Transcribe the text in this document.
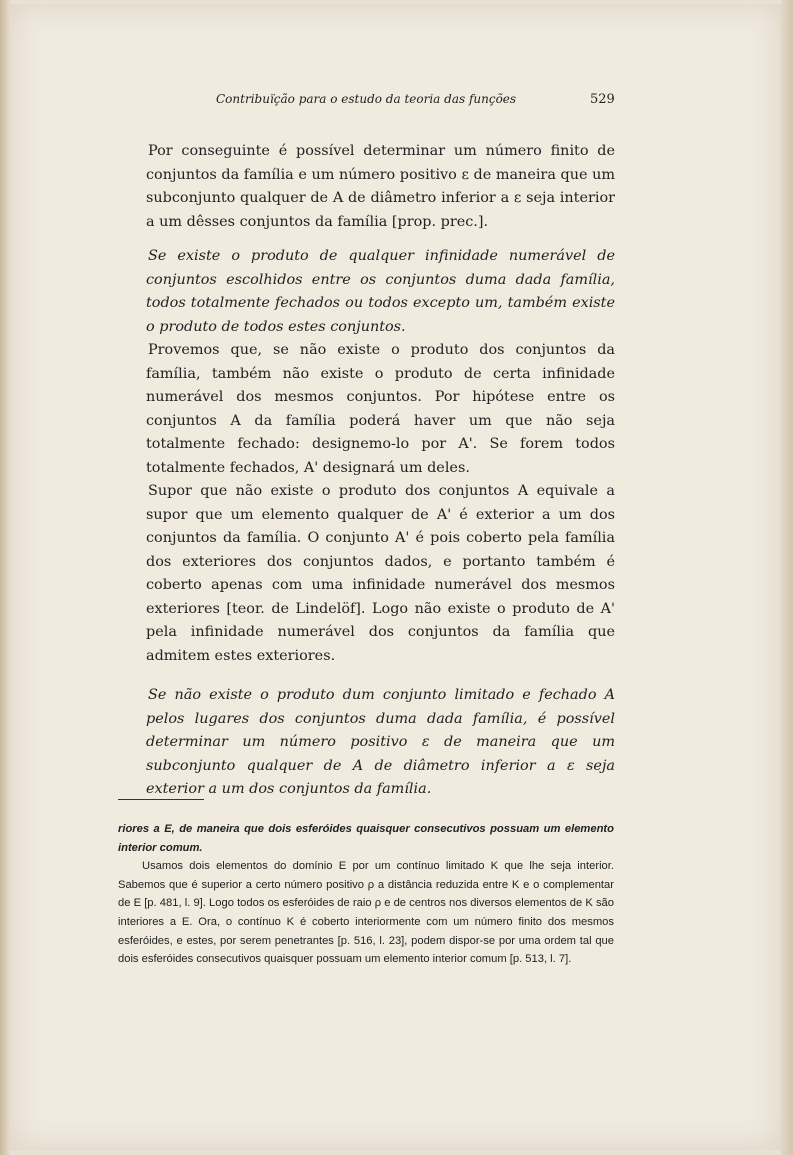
Contribuïção para o estudo da teoria das funções	529

Por conseguinte é possível determinar um número finito de conjuntos da família e um número positivo ε de maneira que um subconjunto qualquer de A de diâmetro inferior a ε seja interior a um dêsses conjuntos da família [prop. prec.].

Se existe o produto de qualquer infinidade numerável de conjuntos escolhidos entre os conjuntos duma dada família, todos totalmente fechados ou todos excepto um, também existe o produto de todos estes conjuntos.

Provemos que, se não existe o produto dos conjuntos da família, também não existe o produto de certa infinidade numerável dos mesmos conjuntos. Por hipótese entre os conjuntos A da família poderá haver um que não seja totalmente fechado: designemo-lo por A'. Se forem todos totalmente fechados, A' designará um deles.

Supor que não existe o produto dos conjuntos A equivale a supor que um elemento qualquer de A' é exterior a um dos conjuntos da família. O conjunto A' é pois coberto pela família dos exteriores dos conjuntos dados, e portanto também é coberto apenas com uma infinidade numerável dos mesmos exteriores [teor. de Lindelöf]. Logo não existe o produto de A' pela infinidade numerável dos conjuntos da família que admitem estes exteriores.

Se não existe o produto dum conjunto limitado e fechado A pelos lugares dos conjuntos duma dada família, é possível determinar um número positivo ε de maneira que um subconjunto qualquer de A de diâmetro inferior a ε seja exterior a um dos conjuntos da família.

riores a E, de maneira que dois esferóides quaisquer consecutivos possuam um elemento interior comum.

Usamos dois elementos do domínio E por um contínuo limitado K que lhe seja interior. Sabemos que é superior a certo número positivo ρ a distância reduzida entre K e o complementar de E [p. 481, l. 9]. Logo todos os esferóides de raio ρ e de centros nos diversos elementos de K são interiores a E. Ora, o contínuo K é coberto interiormente com um número finito dos mesmos esferóides, e estes, por serem penetrantes [p. 516, l. 23], podem dispor-se por uma ordem tal que dois esferóides consecutivos quaisquer possuam um elemento interior comum [p. 513, l. 7].
